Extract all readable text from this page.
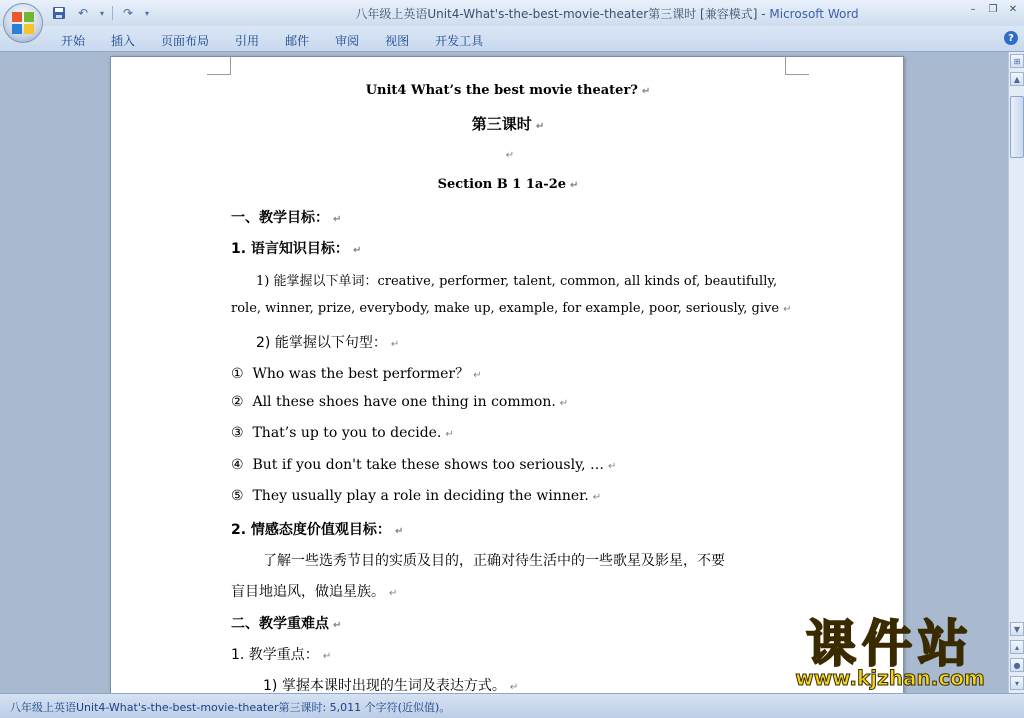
↶	▾	↷	▾	八年级上英语Unit4-What's-the-best-movie-theater第三课时 [兼容模式] - Microsoft Word	–	❐ ✕
开始	插入	页面布局	引用	邮件	审阅	视图	开发工具	?
Unit4 What’s the best movie theater? ↵
第三课时 ↵
↵
Section B 1 1a-2e ↵
一、教学目标： ↵
1. 语言知识目标： ↵
1) 能掌握以下单词：creative, performer, talent, common, all kinds of, beautifully,
role, winner, prize, everybody, make up, example, for example, poor, seriously, give ↵
2) 能掌握以下句型： ↵
① Who was the best performer？ ↵
② All these shoes have one thing in common. ↵
③ That’s up to you to decide. ↵
④ But if you don't take these shows too seriously, … ↵
⑤ They usually play a role in deciding the winner. ↵
2. 情感态度价值观目标： ↵
了解一些选秀节目的实质及目的，正确对待生活中的一些歌星及影星，不要
盲目地追风，做追星族。 ↵
二、教学重难点 ↵
1. 教学重点： ↵
1) 掌握本课时出现的生词及表达方式。 ↵
⊞
▲
▼
▴
●
▾
八年级上英语Unit4-What's-the-best-movie-theater第三课时: 5,011 个字符(近似值)。
课件站
www.kjzhan.com
